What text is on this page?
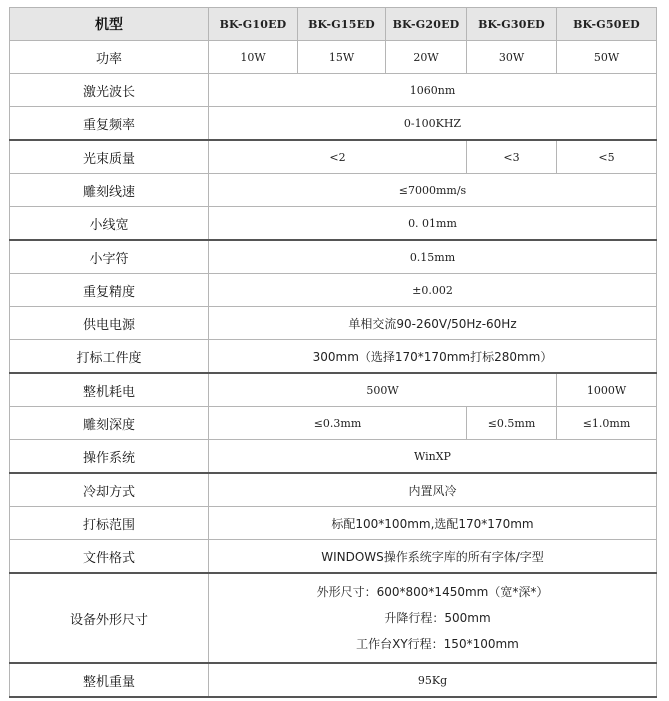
机型	BK-G10ED	BK-G15ED	BK-G20ED	BK-G30ED	BK-G50ED
功率	10W	15W	20W	30W	50W
激光波长	1060nm				
重复频率	0-100KHZ				
光束质量	<2			<3	<5
雕刻线速	≤7000mm/s				
小线宽	0. 01mm				
小字符	0.15mm				
重复精度	±0.002				
供电电源	单相交流90-260V/50Hz-60Hz				
打标工件度	300mm（选择170*170mm打标280mm）				
整机耗电	500W				1000W
雕刻深度	≤0.3mm			≤0.5mm	≤1.0mm
操作系统	WinXP				
冷却方式	内置风冷				
打标范围	标配100*100mm,选配170*170mm				
文件格式	WINDOWS操作系统字库的所有字体/字型				
设备外形尺寸	外形尺寸：600*800*1450mm（宽*深*）
升降行程：500mm
工作台XY行程：150*100mm				

整机重量	95Kg				
